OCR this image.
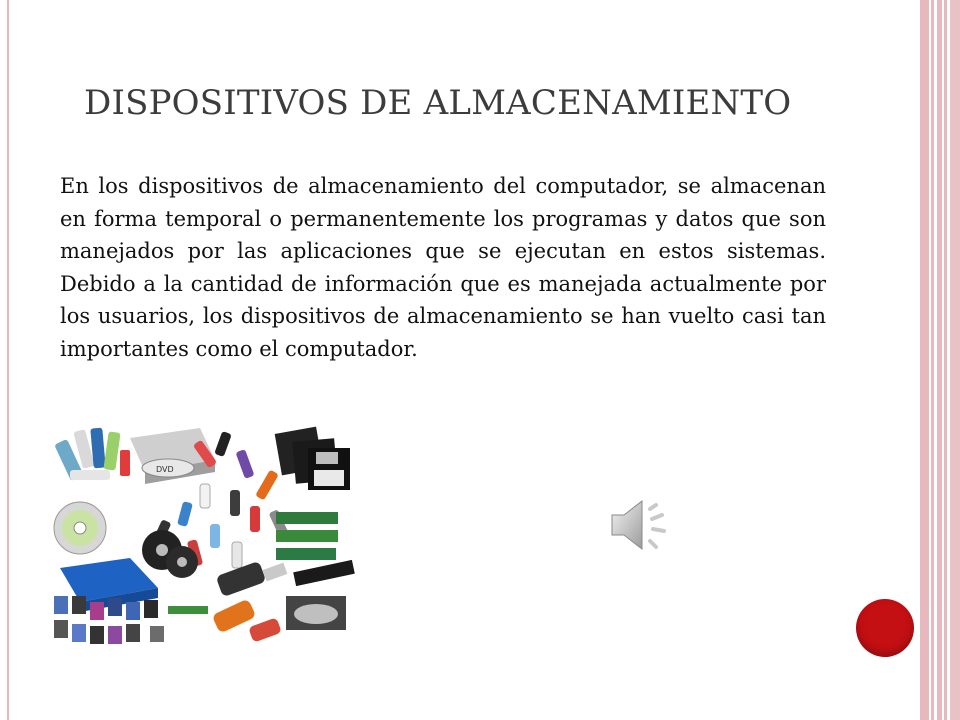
DISPOSITIVOS DE ALMACENAMIENTO

En los dispositivos de almacenamiento del computador, se almacenan en forma temporal o permanentemente los programas y datos que son manejados por las aplicaciones que se ejecutan en estos sistemas. Debido a la cantidad de información que es manejada actualmente por los usuarios, los dispositivos de almacenamiento se han vuelto casi tan importantes como el computador.

DVD
